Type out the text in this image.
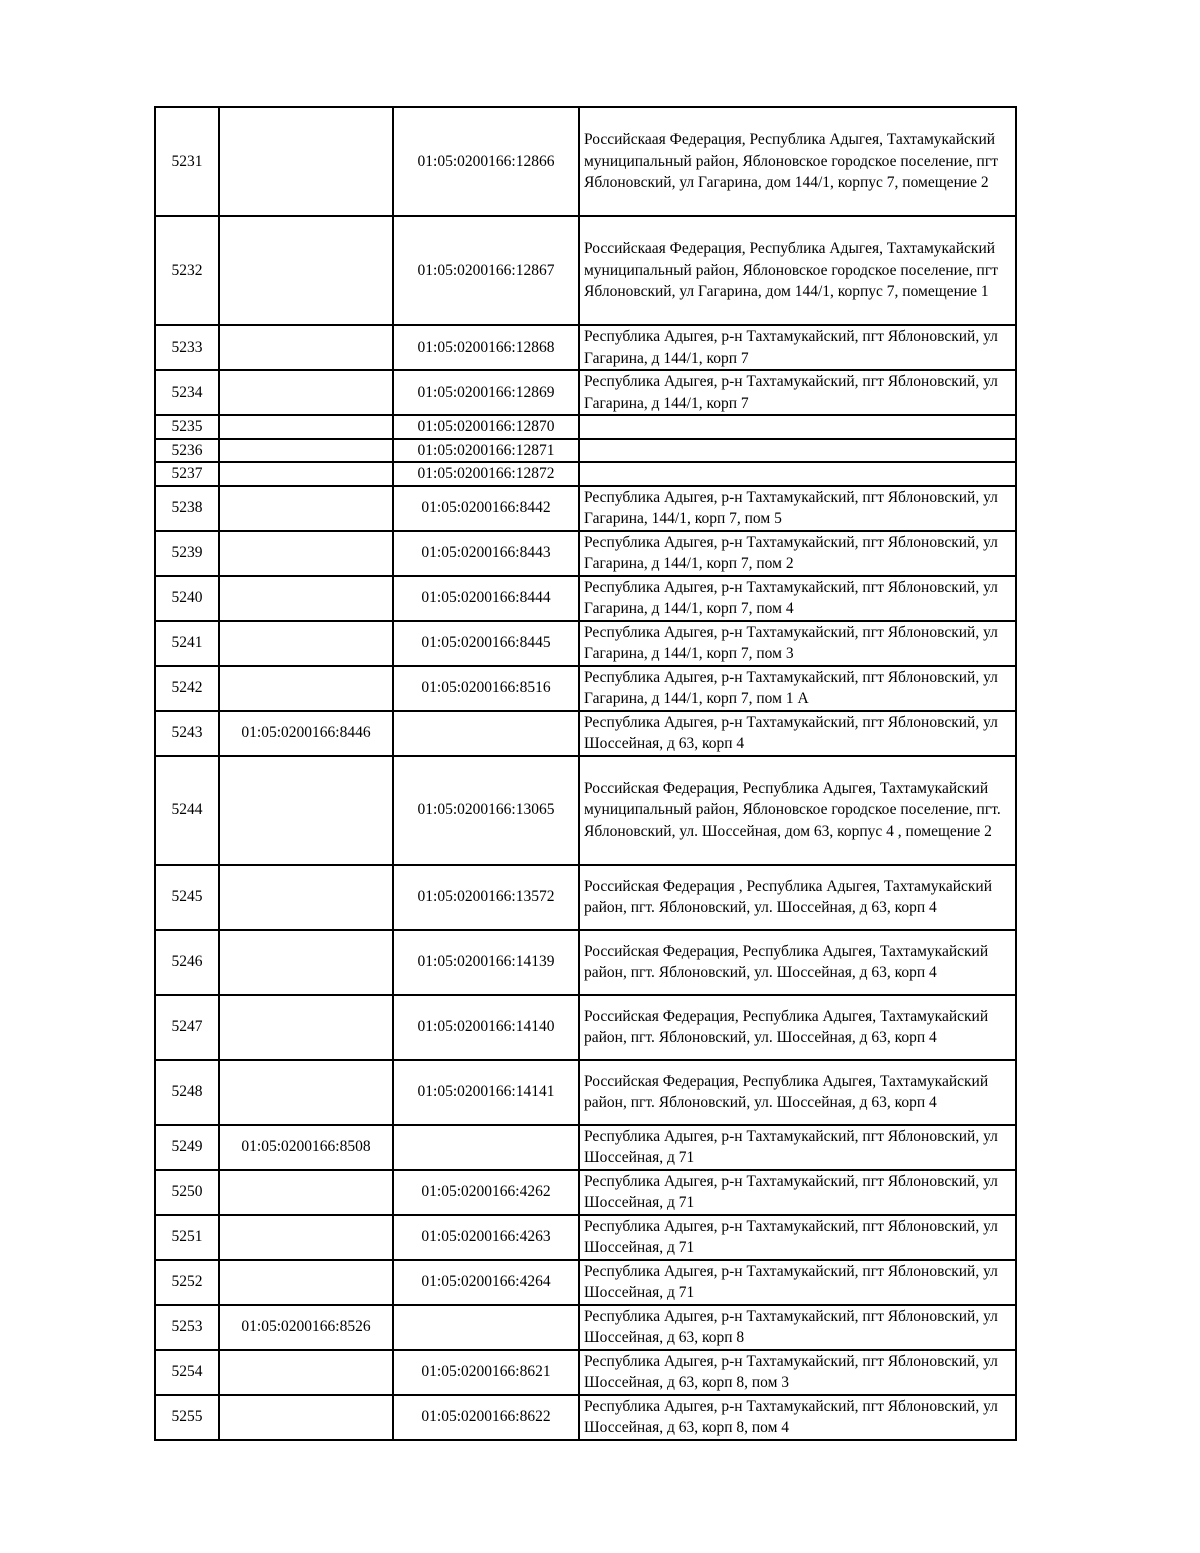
5231		01:05:0200166:12866	Российскаая Федерация, Республика Адыгея, Тахтамукайский муниципальный район, Яблоновское городское поселение, пгт Яблоновский, ул Гагарина, дом 144/1, корпус 7, помещение 2
5232		01:05:0200166:12867	Российскаая Федерация, Республика Адыгея, Тахтамукайский муниципальный район, Яблоновское городское поселение, пгт Яблоновский, ул Гагарина, дом 144/1, корпус 7, помещение 1
5233		01:05:0200166:12868	Республика Адыгея, р-н Тахтамукайский, пгт Яблоновский, ул Гагарина, д 144/1, корп 7
5234		01:05:0200166:12869	Республика Адыгея, р-н Тахтамукайский, пгт Яблоновский, ул Гагарина, д 144/1, корп 7
5235		01:05:0200166:12870	
5236		01:05:0200166:12871	
5237		01:05:0200166:12872	
5238		01:05:0200166:8442	Республика Адыгея, р-н Тахтамукайский, пгт Яблоновский, ул Гагарина, 144/1, корп 7, пом 5
5239		01:05:0200166:8443	Республика Адыгея, р-н Тахтамукайский, пгт Яблоновский, ул Гагарина, д 144/1, корп 7, пом 2
5240		01:05:0200166:8444	Республика Адыгея, р-н Тахтамукайский, пгт Яблоновский, ул Гагарина, д 144/1, корп 7, пом 4
5241		01:05:0200166:8445	Республика Адыгея, р-н Тахтамукайский, пгт Яблоновский, ул Гагарина, д 144/1, корп 7, пом 3
5242		01:05:0200166:8516	Республика Адыгея, р-н Тахтамукайский, пгт Яблоновский, ул Гагарина, д 144/1, корп 7, пом 1 А
5243	01:05:0200166:8446		Республика Адыгея, р-н Тахтамукайский, пгт Яблоновский, ул Шоссейная, д 63, корп 4
5244		01:05:0200166:13065	Российская Федерация, Республика Адыгея, Тахтамукайский муниципальный район, Яблоновское городское поселение, пгт. Яблоновский, ул. Шоссейная, дом 63, корпус 4 , помещение 2
5245		01:05:0200166:13572	Российская Федерация , Республика Адыгея, Тахтамукайский район, пгт. Яблоновский, ул. Шоссейная, д 63, корп 4
5246		01:05:0200166:14139	Российская Федерация, Республика Адыгея, Тахтамукайский район, пгт. Яблоновский, ул. Шоссейная, д 63, корп 4
5247		01:05:0200166:14140	Российская Федерация, Республика Адыгея, Тахтамукайский район, пгт. Яблоновский, ул. Шоссейная, д 63, корп 4
5248		01:05:0200166:14141	Российская Федерация, Республика Адыгея, Тахтамукайский район, пгт. Яблоновский, ул. Шоссейная, д 63, корп 4
5249	01:05:0200166:8508		Республика Адыгея, р-н Тахтамукайский, пгт Яблоновский, ул Шоссейная, д 71
5250		01:05:0200166:4262	Республика Адыгея, р-н Тахтамукайский, пгт Яблоновский, ул Шоссейная, д 71
5251		01:05:0200166:4263	Республика Адыгея, р-н Тахтамукайский, пгт Яблоновский, ул Шоссейная, д 71
5252		01:05:0200166:4264	Республика Адыгея, р-н Тахтамукайский, пгт Яблоновский, ул Шоссейная, д 71
5253	01:05:0200166:8526		Республика Адыгея, р-н Тахтамукайский, пгт Яблоновский, ул Шоссейная, д 63, корп 8
5254		01:05:0200166:8621	Республика Адыгея, р-н Тахтамукайский, пгт Яблоновский, ул Шоссейная, д 63, корп 8, пом 3
5255		01:05:0200166:8622	Республика Адыгея, р-н Тахтамукайский, пгт Яблоновский, ул Шоссейная, д 63, корп 8, пом 4
